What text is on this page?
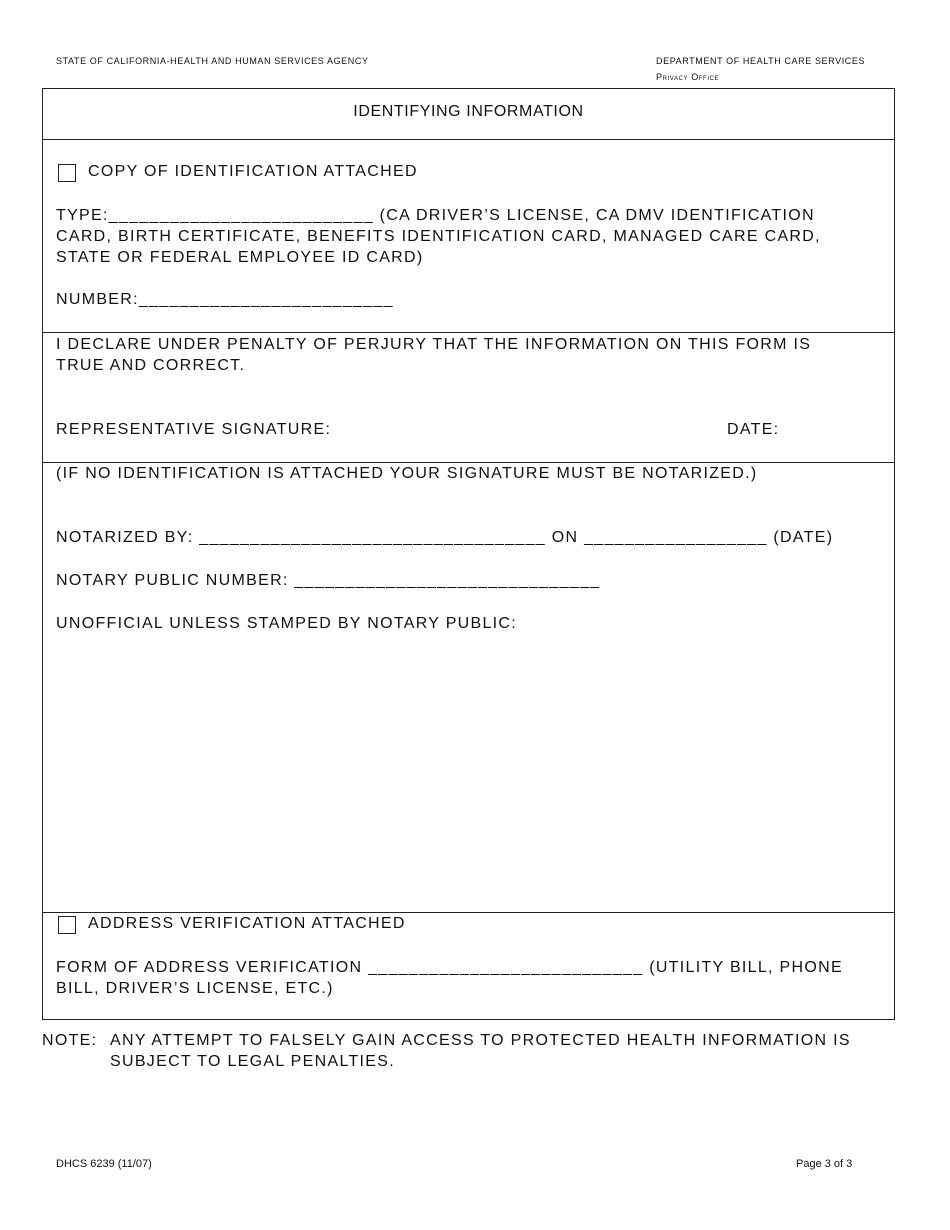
STATE OF CALIFORNIA-HEALTH AND HUMAN SERVICES AGENCY	DEPARTMENT OF HEALTH CARE SERVICES
Privacy Office
IDENTIFYING INFORMATION
COPY OF IDENTIFICATION ATTACHED
TYPE:__________________________ (CA DRIVER’S LICENSE, CA DMV IDENTIFICATION CARD, BIRTH CERTIFICATE, BENEFITS IDENTIFICATION CARD, MANAGED CARE CARD, STATE OR FEDERAL EMPLOYEE ID CARD)
NUMBER:_________________________
I DECLARE UNDER PENALTY OF PERJURY THAT THE INFORMATION ON THIS FORM IS TRUE AND CORRECT.
REPRESENTATIVE SIGNATURE:	DATE:
(IF NO IDENTIFICATION IS ATTACHED YOUR SIGNATURE MUST BE NOTARIZED.)
NOTARIZED BY: __________________________________ ON __________________ (DATE)
NOTARY PUBLIC NUMBER: ______________________________
UNOFFICIAL UNLESS STAMPED BY NOTARY PUBLIC:
ADDRESS VERIFICATION ATTACHED
FORM OF ADDRESS VERIFICATION ___________________________ (UTILITY BILL, PHONE BILL, DRIVER’S LICENSE, ETC.)
NOTE: ANY ATTEMPT TO FALSELY GAIN ACCESS TO PROTECTED HEALTH INFORMATION IS SUBJECT TO LEGAL PENALTIES.
DHCS 6239 (11/07)	Page 3 of 3
